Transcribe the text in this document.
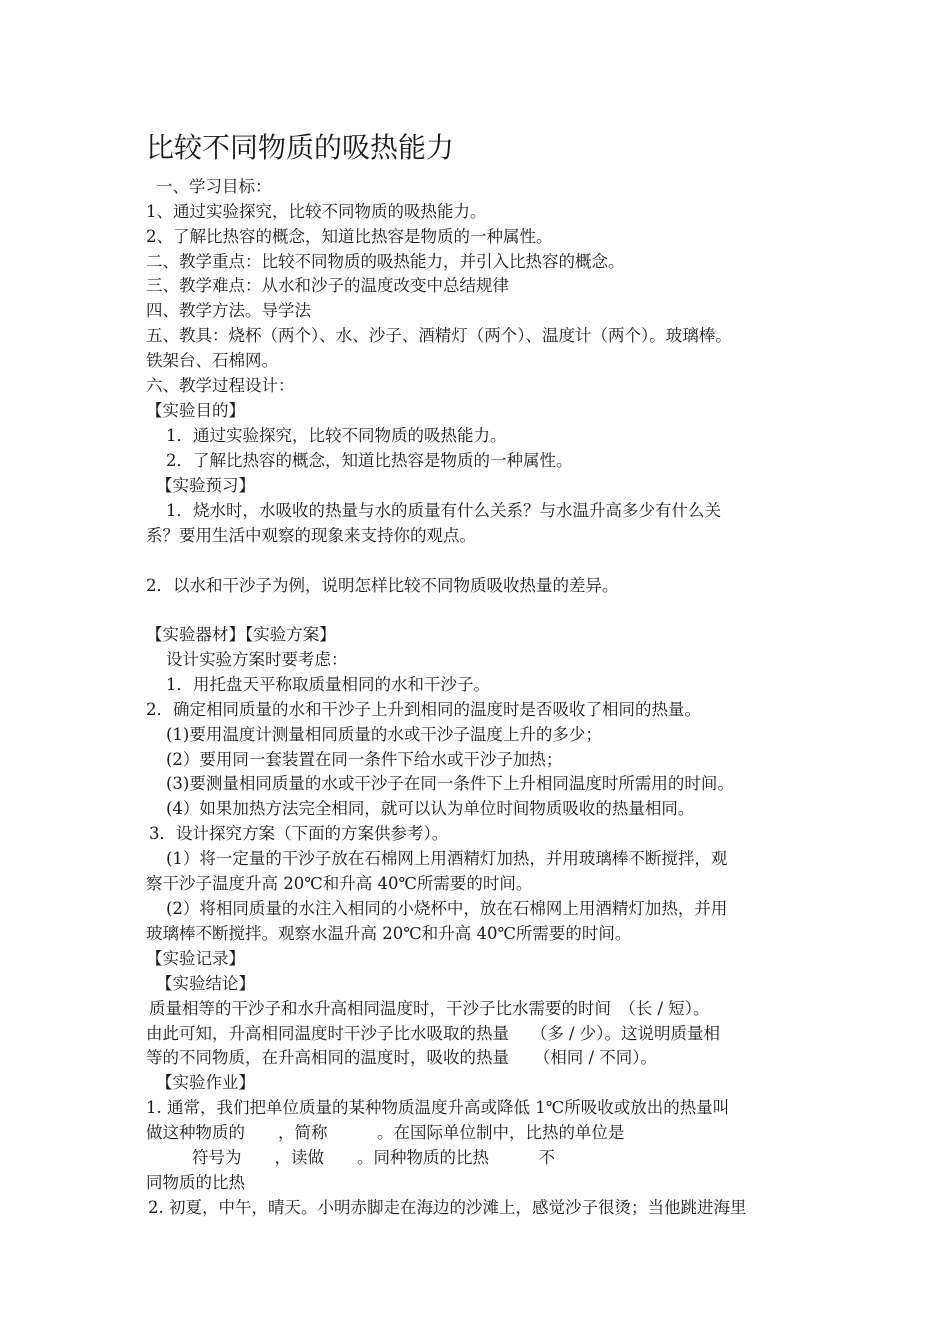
比较不同物质的吸热能力
一、学习目标：
1、通过实验探究，比较不同物质的吸热能力。
2、了解比热容的概念，知道比热容是物质的一种属性。
二、教学重点：比较不同物质的吸热能力，并引入比热容的概念。
三、教学难点：从水和沙子的温度改变中总结规律
四、教学方法。导学法
五、教具：烧杯（两个）、水、沙子、酒精灯（两个）、温度计（两个）。玻璃棒。
铁架台、石棉网。
六、教学过程设计：
【实验目的】
1．通过实验探究，比较不同物质的吸热能力。
2．了解比热容的概念，知道比热容是物质的一种属性。
【实验预习】
1．烧水时，水吸收的热量与水的质量有什么关系？与水温升高多少有什么关
系？要用生活中观察的现象来支持你的观点。
2．以水和干沙子为例，说明怎样比较不同物质吸收热量的差异。
【实验器材】【实验方案】
设计实验方案时要考虑：
1．用托盘天平称取质量相同的水和干沙子。
2．确定相同质量的水和干沙子上升到相同的温度时是否吸收了相同的热量。
(1)要用温度计测量相同质量的水或干沙子温度上升的多少；
(2）要用同一套装置在同一条件下给水或干沙子加热；
(3)要测量相同质量的水或干沙子在同一条件下上升相同温度时所需用的时间。
(4）如果加热方法完全相同，就可以认为单位时间物质吸收的热量相同。
3．设计探究方案（下面的方案供参考）。
(1）将一定量的干沙子放在石棉网上用酒精灯加热，并用玻璃棒不断搅拌，观
察干沙子温度升高 20℃和升高 40℃所需要的时间。
(2）将相同质量的水注入相同的小烧杯中，放在石棉网上用酒精灯加热，并用
玻璃棒不断搅拌。观察水温升高 20℃和升高 40℃所需要的时间。
【实验记录】
【实验结论】
质量相等的干沙子和水升高相同温度时，干沙子比水需要的时间　（长 / 短）。
由此可知，升高相同温度时干沙子比水吸取的热量　 （多 / 少）。这说明质量相
等的不同物质，在升高相同的温度时，吸收的热量　　（相同 / 不同）。
【实验作业】
1. 通常，我们把单位质量的某种物质温度升高或降低 1℃所吸收或放出的热量叫
做这种物质的　　，简称　　　。在国际单位制中，比热的单位是
符号为　　，读做　　。同种物质的比热　　　不
同物质的比热
2. 初夏，中午，晴天。小明赤脚走在海边的沙滩上，感觉沙子很烫；当他跳进海里
